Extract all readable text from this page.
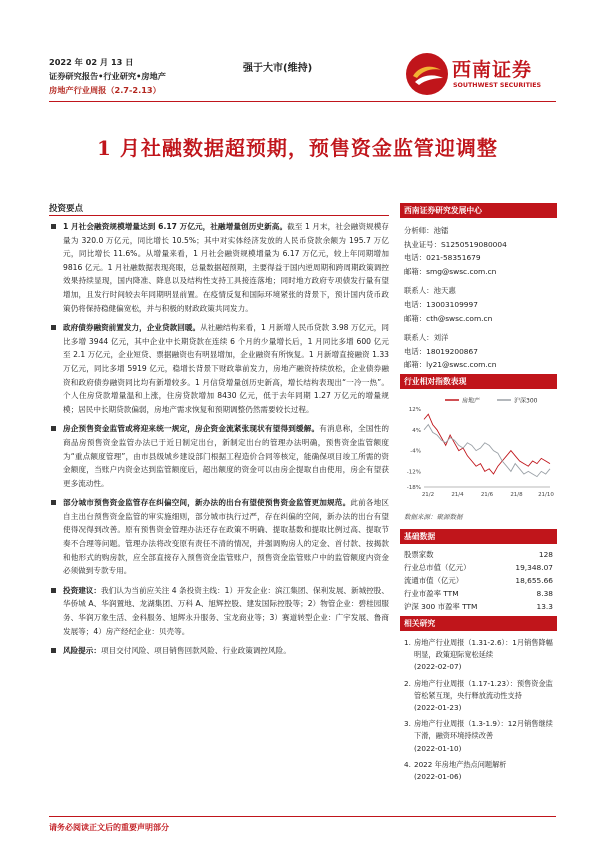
2022 年 02 月 13 日
证券研究报告•行业研究•房地产
房地产行业周报（2.7-2.13）
强于大市(维持)	西南证券
SOUTHWEST SECURITIES
1 月社融数据超预期，预售资金监管迎调整
投资要点
1 月社会融资规模增量达到 6.17 万亿元，社融增量创历史新高。截至 1 月末，社会融资规模存量为 320.0 万亿元，同比增长 10.5%；其中对实体经济发放的人民币贷款余额为 195.7 万亿元，同比增长 11.6%。从增量来看，1 月社会融资规模增量为 6.17 万亿元，较上年同期增加 9816 亿元。1 月社融数据表现亮眼，总量数据超预期，主要得益于国内逆周期和跨周期政策调控效果持续显现，国内降准、降息以及结构性支持工具接连落地；同时地方政府专项债发行量有望增加，且发行时间较去年同期明显前置。在疫情反复和国际环境紧张的背景下，预计国内货币政策仍将保持稳健偏宽松，并与积极的财政政策共同发力。
政府债券融资前置发力，企业贷款回暖。从社融结构来看，1 月新增人民币贷款 3.98 万亿元，同比多增 3944 亿元，其中企业中长期贷款在连续 6 个月的少量增长后，1 月同比多增 600 亿元至 2.1 万亿元，企业短贷、票据融资也有明显增加，企业融资有所恢复。1 月新增直接融资 1.33 万亿元，同比多增 5919 亿元，稳增长背景下财政靠前发力，房地产融资持续放松，企业债券融资和政府债券融资同比均有新增较多。1 月信贷增量创历史新高，增长结构表现出“一冷一热”。个人住房贷款增量温和上涨，住房贷款增加 8430 亿元，低于去年同期 1.27 万亿元的增量规模；居民中长期贷款偏弱，房地产需求恢复和预期调整仍然需要较长过程。
房企预售资金监管或将迎来统一规定，房企资金流紧张现状有望得到缓解。有消息称，全国性的商品房预售资金监管办法已于近日制定出台，新制定出台的管理办法明确，预售资金监管额度为“重点额度管理”，由市县级城乡建设部门根据工程造价合同等核定，能确保项目竣工所需的资金额度，当账户内资金达到监管额度后，超出额度的资金可以由房企提取自由使用，房企有望获更多流动性。
部分城市预售资金监管存在纠偏空间，新办法的出台有望使预售资金监管更加规范。此前各地区自主出台预售资金监管的审实施细则，部分城市执行过严，存在纠偏的空间，新办法的出台有望使得况得到改善。原有预售资金管理办法还存在政策不明确、提取基数和提取比例过高、提取节奏不合理等问题。管理办法将改变原有责任不清的情况，并强调购房人的定金、首付款、按揭款和他形式的购房款，应全部直接存入预售资金监管账户，预售资金监管账户中的监管额度内资金必须做到专款专用。
投资建议：我们认为当前应关注 4 条投资主线：1）开发企业：滨江集团、保利发展、新城控股、华侨城 A、华润置地、龙湖集团、万科 A、旭辉控股、建发国际控股等；2）物管企业：碧桂园服务、华润万象生活、金科服务、旭辉永升服务、宝龙商业等；3）赛道转型企业：广宇发展、鲁商发展等；4）房产经纪企业：贝壳等。
风险提示：项目交付风险、项目销售回款风险、行业政策调控风险。
西南证券研究发展中心
分析师：池镭
执业证号：S1250519080004
电话：021-58351679
邮箱：smg@swsc.com.cn
联系人：池天惠
电话：13003109997
邮箱：cth@swsc.com.cn
联系人：刘洋
电话：18019200867
邮箱：ly21@swsc.com.cn
行业相对指数表现
房地产	沪深300
12%
4%
-4%
-12%
-18%
21/2	21/4	21/6	21/8	21/10
数据来源：聚源数据
基础数据
股票家数	128
行业总市值（亿元）	19,348.07
流通市值（亿元）	18,655.66
行业市盈率 TTM	8.38
沪深 300 市盈率 TTM	13.3
相关研究
1. 房地产行业周报（1.31-2.6）：1月销售降幅明显，政策迎际宽松延续
(2022-02-07)
2. 房地产行业周报（1.17-1.23）：预售资金监管松紧互现，央行释放流动性支持
(2022-01-23)
3. 房地产行业周报（1.3-1.9）：12月销售继续下滑，融资环境持续改善
(2022-01-10)
4. 2022 年房地产热点问题解析
(2022-01-06)
请务必阅读正文后的重要声明部分
